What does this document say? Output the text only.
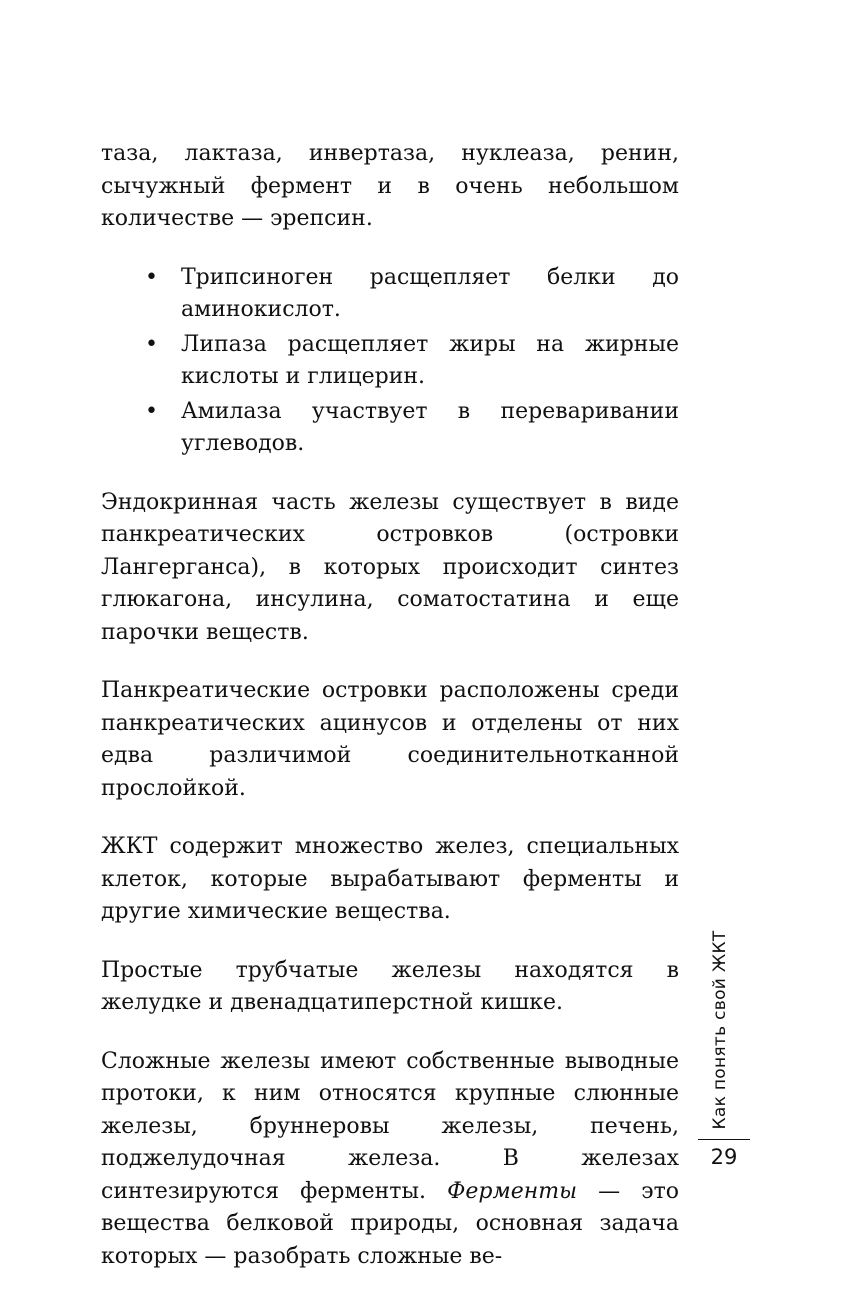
таза, лактаза, инвертаза, нуклеаза, ренин, сычужный фермент и в очень небольшом количестве — эрепсин.

• Трипсиноген расщепляет белки до аминокислот.
• Липаза расщепляет жиры на жирные кислоты и глицерин.
• Амилаза участвует в переваривании углеводов.

Эндокринная часть железы существует в виде панкреатических островков (островки Лангерганса), в которых происходит синтез глюкагона, инсулина, соматостатина и еще парочки веществ.

Панкреатические островки расположены среди панкреатических ацинусов и отделены от них едва различимой соединительнотканной прослойкой.

ЖКТ содержит множество желез, специальных клеток, которые вырабатывают ферменты и другие химические вещества.

Простые трубчатые железы находятся в желудке и двенадцатиперстной кишке.

Сложные железы имеют собственные выводные протоки, к ним относятся крупные слюнные железы, бруннеровы железы, печень, поджелудочная железа. В железах синтезируются ферменты. Ферменты — это вещества белковой природы, основная задача которых — разобрать сложные ве-

Как понять свой ЖКТ
29
